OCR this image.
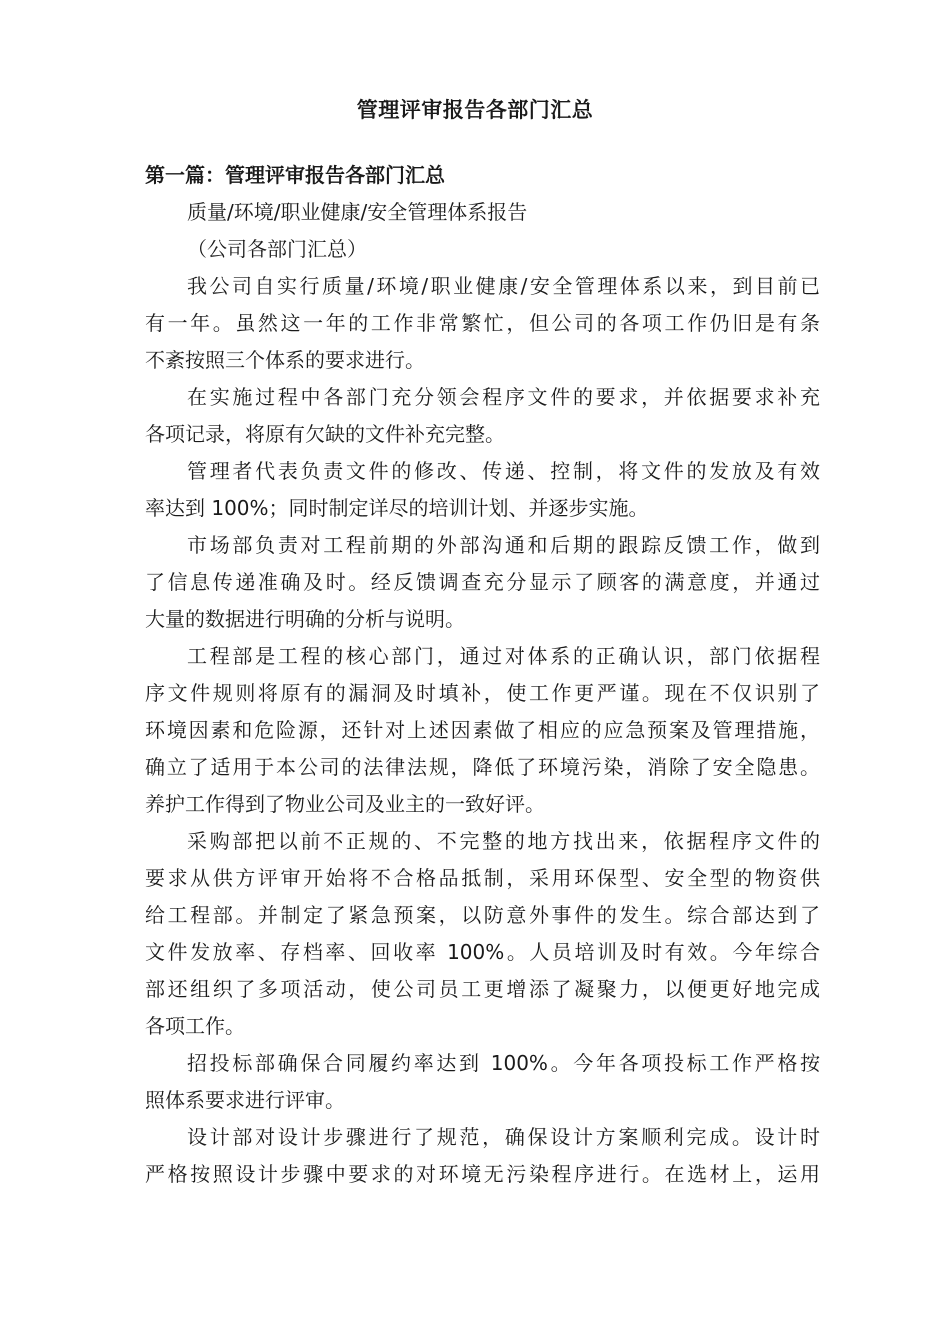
管理评审报告各部门汇总
第一篇：管理评审报告各部门汇总
质量/环境/职业健康/安全管理体系报告
（公司各部门汇总）
我公司自实行质量/环境/职业健康/安全管理体系以来，到目前已
有一年。虽然这一年的工作非常繁忙，但公司的各项工作仍旧是有条
不紊按照三个体系的要求进行。
在实施过程中各部门充分领会程序文件的要求，并依据要求补充
各项记录，将原有欠缺的文件补充完整。
管理者代表负责文件的修改、传递、控制，将文件的发放及有效
率达到 100%；同时制定详尽的培训计划、并逐步实施。
市场部负责对工程前期的外部沟通和后期的跟踪反馈工作，做到
了信息传递准确及时。经反馈调查充分显示了顾客的满意度，并通过
大量的数据进行明确的分析与说明。
工程部是工程的核心部门，通过对体系的正确认识，部门依据程
序文件规则将原有的漏洞及时填补，使工作更严谨。现在不仅识别了
环境因素和危险源，还针对上述因素做了相应的应急预案及管理措施，
确立了适用于本公司的法律法规，降低了环境污染，消除了安全隐患。
养护工作得到了物业公司及业主的一致好评。
采购部把以前不正规的、不完整的地方找出来，依据程序文件的
要求从供方评审开始将不合格品抵制，采用环保型、安全型的物资供
给工程部。并制定了紧急预案，以防意外事件的发生。综合部达到了
文件发放率、存档率、回收率 100%。人员培训及时有效。今年综合
部还组织了多项活动，使公司员工更增添了凝聚力，以便更好地完成
各项工作。
招投标部确保合同履约率达到 100%。今年各项投标工作严格按
照体系要求进行评审。
设计部对设计步骤进行了规范，确保设计方案顺利完成。设计时
严格按照设计步骤中要求的对环境无污染程序进行。在选材上，运用
